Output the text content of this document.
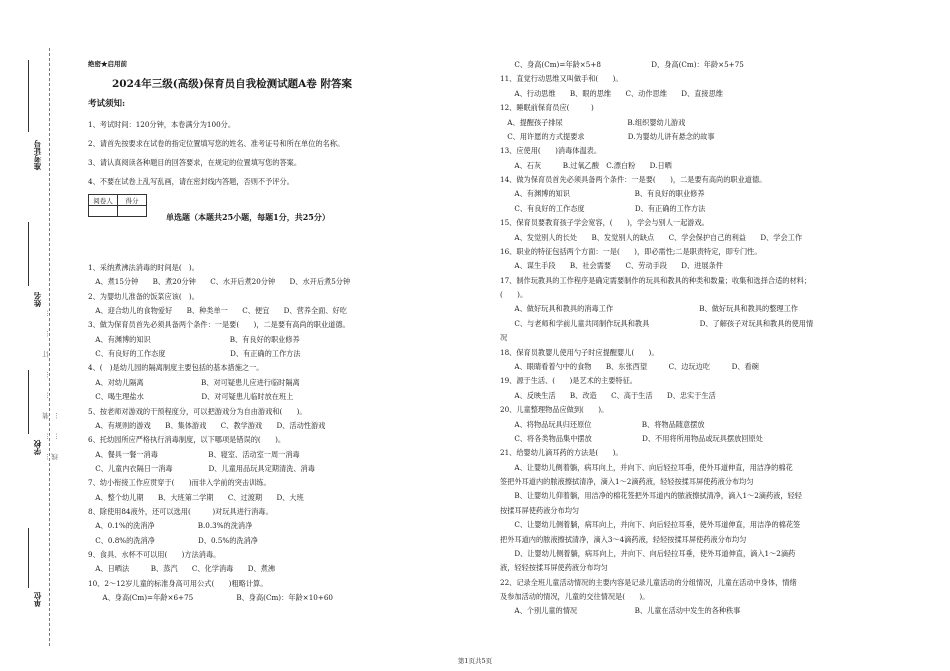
……装……订……线……
准考证号
姓名
学校
单位
绝密★启用前
2024年三级(高级)保育员自我检测试题A卷 附答案
考试须知:
1、考试时间：120分钟，本卷满分为100分。
2、请首先按要求在试卷的指定位置填写您的姓名、准考证号和所在单位的名称。
3、请认真阅读各种题目的回答要求，在规定的位置填写您的答案。
4、不要在试卷上乱写乱画，请在密封线内答题，否则不予评分。
阅卷人	得分

单选题（本题共25小题，每题1分，共25分）
1、采纳煮沸法消毒的时间是(　)。
　A、煮15分钟　　B、煮20分钟　　C、水开后煮20分钟　　D、水开后煮5分钟
2、为婴幼儿准备的饭菜应该(　)。
　A、迎合幼儿的食物爱好　　B、种类单一　　C、便宜　　D、营养全面、好吃
3、做为保育员首先必须具备两个条件：一是要(　　)，二是要有高尚的职业道德。
　A、有渊博的知识　　　　　　　　　　　B、有良好的职业修养
　C、有良好的工作态度　　　　　　　　　D、有正确的工作方法
4、(　)是幼儿园的隔离制度主要包括的基本措施之一。
　A、对幼儿隔离　　　　　　　　B、对可疑患儿应进行临时隔离
　C、喝生理盐水　　　　　　　　D、对可疑患儿临时放在班上
5、按老师对游戏的干预程度分，可以把游戏分为自由游戏和(　　)。
　A、有规则的游戏　　B、集体游戏　　C、教学游戏　　D、活动性游戏
6、托幼园所应严格执行消毒制度，以下哪项是错误的(　　)。
　A、餐具一餐一消毒　　　　　　　B、寝室、活动室一周一消毒
　C、儿童内衣隔日一消毒　　　　　D、儿童用品玩具定期清洗、消毒
7、幼小衔接工作应贯穿于(　　)而非入学前的突击训练。
　A、整个幼儿期　　B、大班第二学期　　C、过渡期　　D、大班
8、除使用84液外，还可以选用(　　　)对玩具进行消毒。
　A、0.1%的洗消净　　　　　　B.0.3%的洗消净
　C、0.8%的洗消净　　　　　　D、0.5%的洗消净
9、食具、水杯不可以用(　　)方法消毒。
　A、日晒法　　　B、蒸汽　　C、化学消毒　　D、煮沸
10、2～12岁儿童的标准身高可用公式(　　)粗略计算。
　　A、身高(Cm)=年龄×6+75　　　　　　B、身高(Cm)：年龄×10+60
　　C、身高(Cm)=年龄×5+8　　　　　　　D、身高(Cm)：年龄×5+75
11、直觉行动思维又叫做手和(　　)。
　　A、行动思维　　B、眼的思维　　C、动作思维　　D、直接思维
12、睡眠前保育员应(　　　)
　A、提醒孩子排尿　　　　　　　　　B.组织婴幼儿游戏
　C、用许愿的方式提要求　　　　　　D.为婴幼儿讲有悬念的故事
13、应使用(　　)消毒体温表。
　　A、石灰　　　B.过氧乙酸　C.漂白粉　　D.日晒
14、做为保育员首先必须具备两个条件：一是要(　　)，二是要有高尚的职业道德。
　　A、有渊博的知识　　　　　　　　　B、有良好的职业修养
　　C、有良好的工作态度　　　　　　　D、有正确的工作方法
15、保育员要教育孩子学会宽容，(　　)，学会与别人一起游戏。
　　A、发觉别人的长处　　B、发觉别人的缺点　　C、学会保护自己的利益　　D、学会工作
16、职业的特征包括两个方面：一是(　　)，即必需性;二是职责特定，即专门性。
　　A、谋生手段　　B、社会需要　　C、劳动手段　　D、进展条件
17、制作玩教具的工作程序是确定需要制作的玩具和教具的种类和数量；收集和选择合适的材料；
(　　)。
　　A、做好玩具和教具的消毒工作　　　　　　　　　　　　B、做好玩具和教具的整理工作
　　C、与老师和学前儿童共同制作玩具和教具　　　　　　　D、了解孩子对玩具和教具的使用情
况
18、保育员教婴儿使用勺子时应提醒婴儿(　　)。
　　A、眼睛看着勺中的食物　　B、东张西望　　　C、边玩边吃　　　D、看碗
19、源于生活、(　　)是艺术的主要特征。
　　A、反映生活　　B、改造　　C、高于生活　　D、忠实于生活
20、儿童整理物品应做到(　　)。
　　A、将物品玩具归还原位　　　　　　　B、将物品随意摆放
　　C、将各类物品集中摆放　　　　　　　D、不用将所用物品或玩具摆放回原处
21、给婴幼儿滴耳药的方法是(　　)。
　　A、让婴幼儿侧着躺，病耳向上，并向下、向后轻拉耳垂，使外耳道伸直，用洁净的棉花
签把外耳道内的脓液擦拭清净，滴入1～2滴药液，轻轻按揉耳屏使药液分布均匀
　　B、让婴幼儿仰着躺，用洁净的棉花签把外耳道内的脓液擦拭清净，滴入1～2滴药液，轻轻
按揉耳屏使药液分布均匀
　　C、让婴幼儿侧着躺，病耳向上，并向下、向后轻拉耳垂，使外耳道伸直，用洁净的棉花签
把外耳道内的脓液擦拭清净，滴入3～4滴药液，轻轻按揉耳屏使药液分布均匀
　　D、让婴幼儿侧着躺，病耳向上，并向下、向后轻拉耳垂，使外耳道伸直，滴入1～2滴药
液，轻轻按揉耳屏使药液分布均匀
22、记录全班儿童活动情况的主要内容是记录儿童活动的分组情况，儿童在活动中身体，情绪
及参加活动的情况，儿童的交往情况是(　　)。
　　A、个别儿童的情况　　　　　　　　B、儿童在活动中发生的各种秩事
第1页共5页
